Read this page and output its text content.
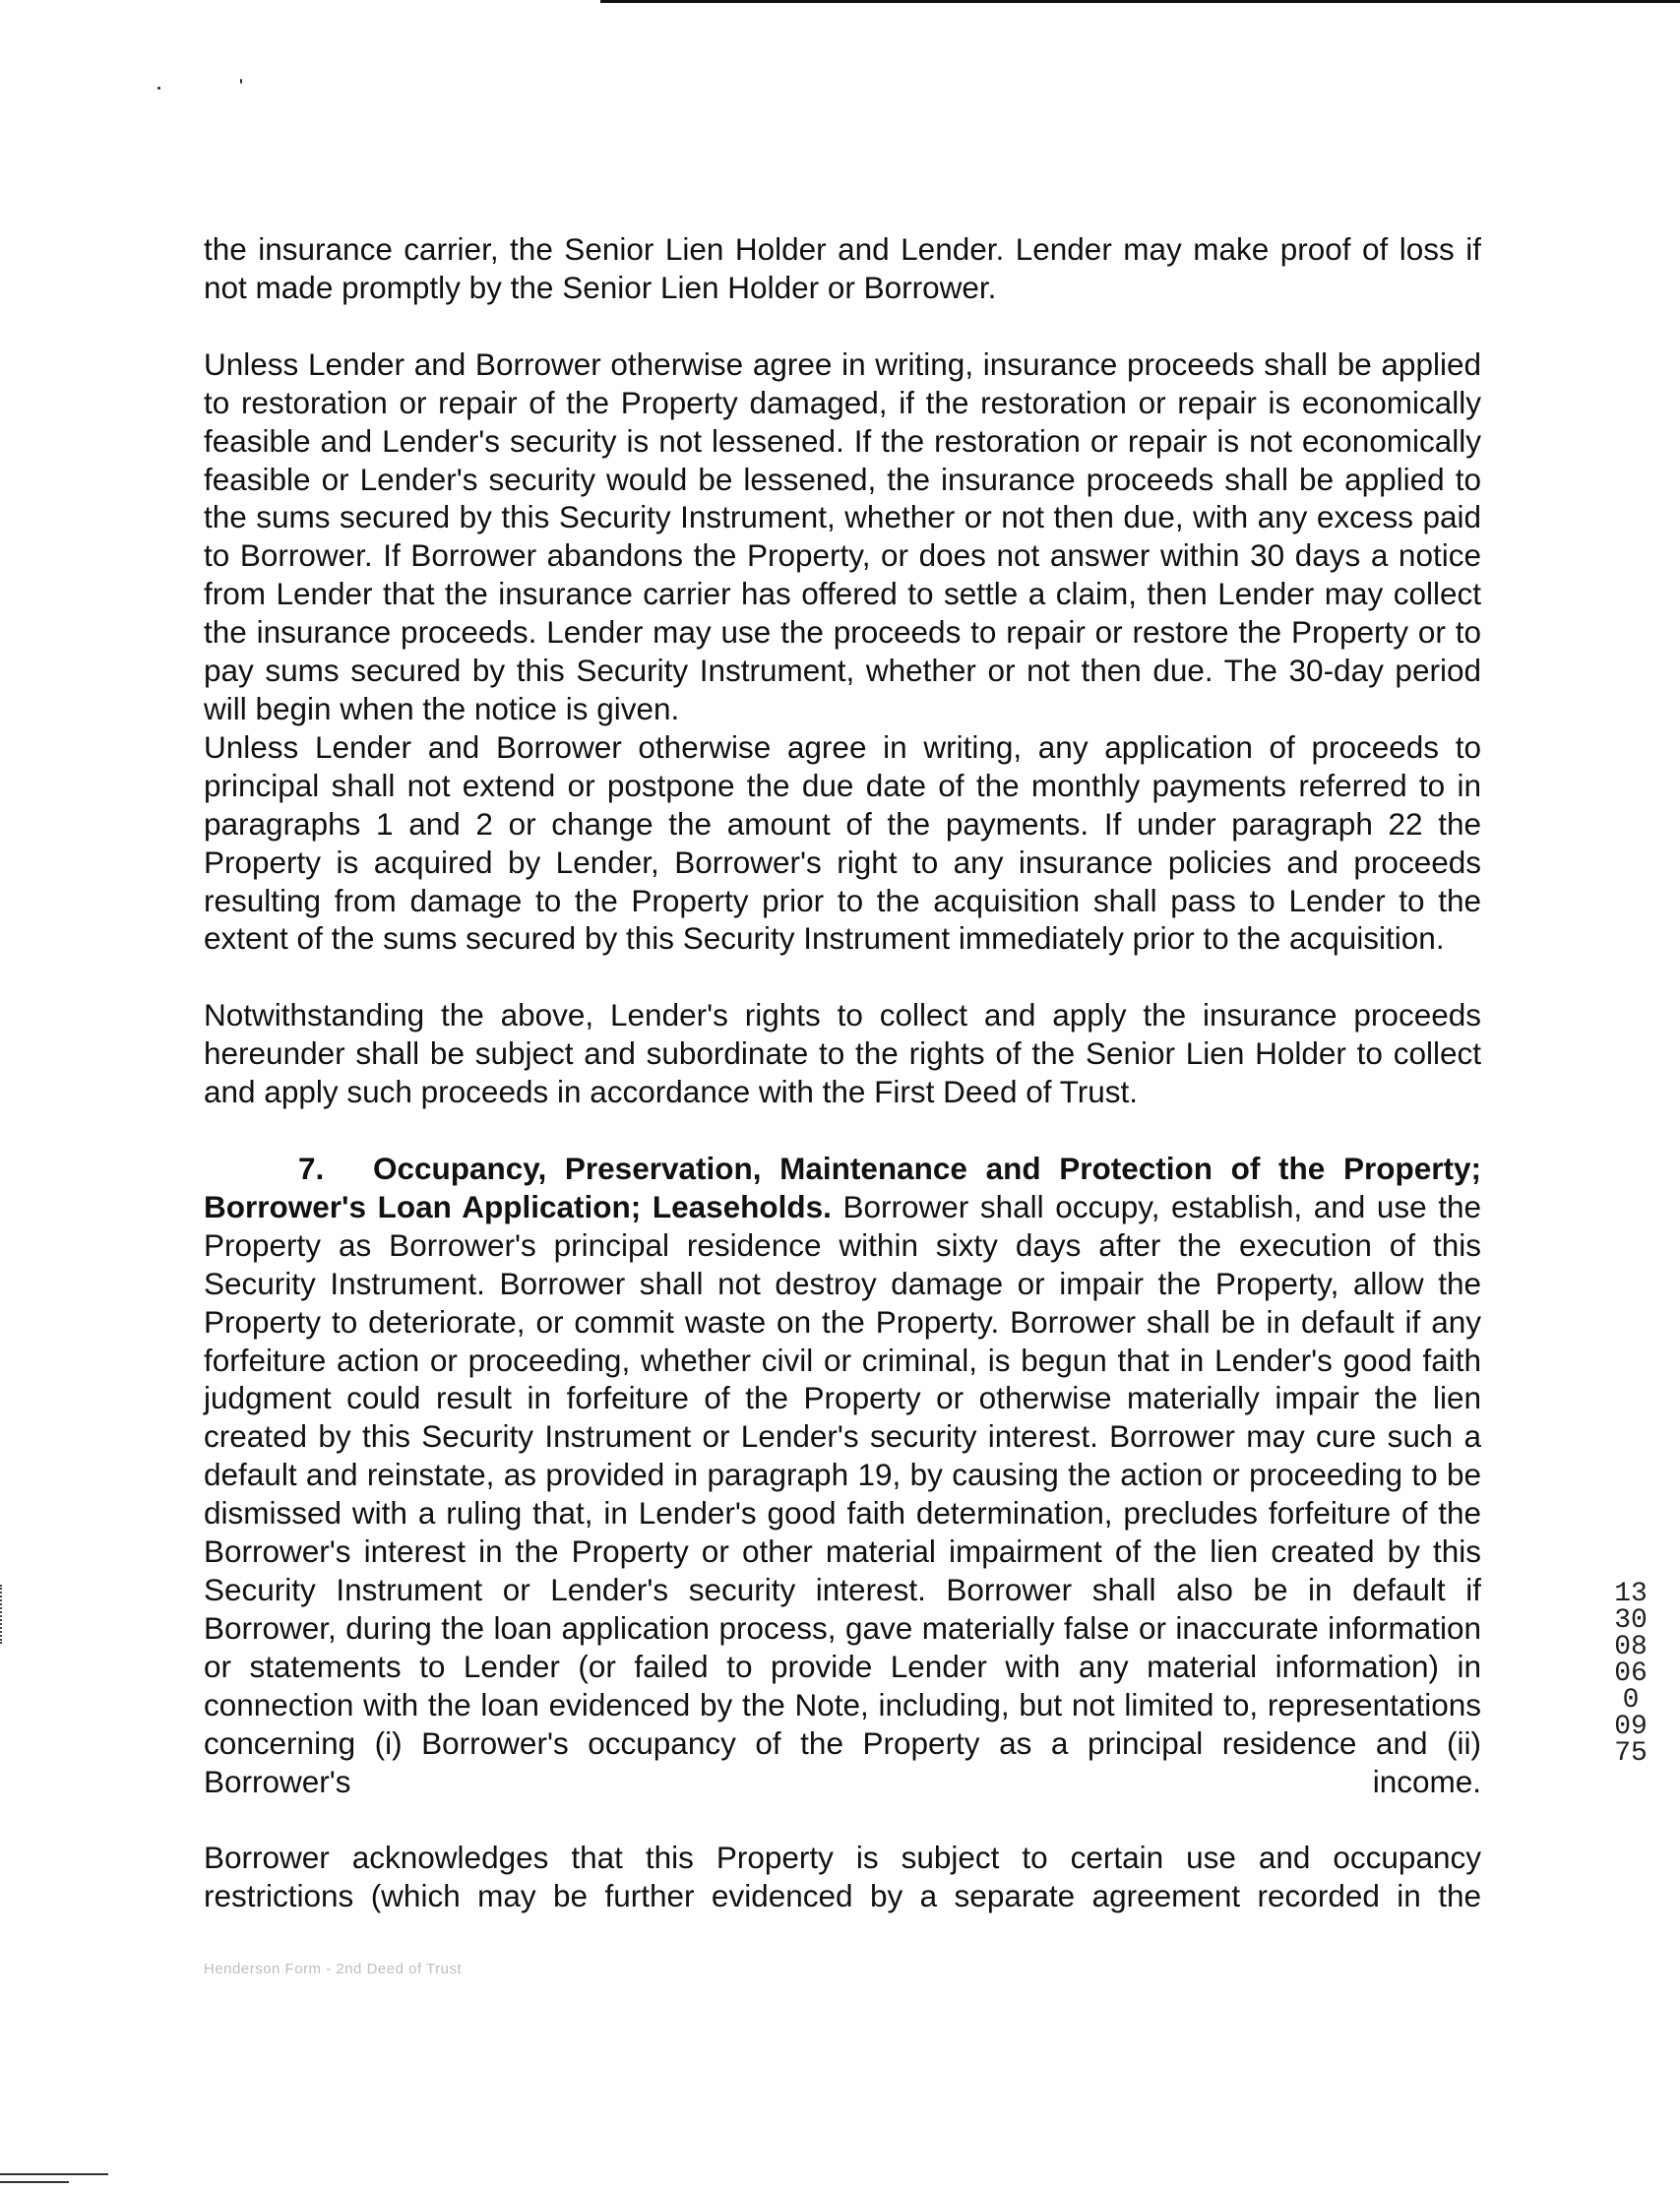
the insurance carrier, the Senior Lien Holder and Lender. Lender may make proof of loss if not made promptly by the Senior Lien Holder or Borrower.

Unless Lender and Borrower otherwise agree in writing, insurance proceeds shall be applied to restoration or repair of the Property damaged, if the restoration or repair is economically feasible and Lender's security is not lessened. If the restoration or repair is not economically feasible or Lender's security would be lessened, the insurance proceeds shall be applied to the sums secured by this Security Instrument, whether or not then due, with any excess paid to Borrower. If Borrower abandons the Property, or does not answer within 30 days a notice from Lender that the insurance carrier has offered to settle a claim, then Lender may collect the insurance proceeds. Lender may use the proceeds to repair or restore the Property or to pay sums secured by this Security Instrument, whether or not then due. The 30-day period will begin when the notice is given.

Unless Lender and Borrower otherwise agree in writing, any application of proceeds to principal shall not extend or postpone the due date of the monthly payments referred to in paragraphs 1 and 2 or change the amount of the payments. If under paragraph 22 the Property is acquired by Lender, Borrower's right to any insurance policies and proceeds resulting from damage to the Property prior to the acquisition shall pass to Lender to the extent of the sums secured by this Security Instrument immediately prior to the acquisition.

Notwithstanding the above, Lender's rights to collect and apply the insurance proceeds hereunder shall be subject and subordinate to the rights of the Senior Lien Holder to collect and apply such proceeds in accordance with the First Deed of Trust.

7. Occupancy, Preservation, Maintenance and Protection of the Property; Borrower's Loan Application; Leaseholds. Borrower shall occupy, establish, and use the Property as Borrower's principal residence within sixty days after the execution of this Security Instrument. Borrower shall not destroy damage or impair the Property, allow the Property to deteriorate, or commit waste on the Property. Borrower shall be in default if any forfeiture action or proceeding, whether civil or criminal, is begun that in Lender's good faith judgment could result in forfeiture of the Property or otherwise materially impair the lien created by this Security Instrument or Lender's security interest. Borrower may cure such a default and reinstate, as provided in paragraph 19, by causing the action or proceeding to be dismissed with a ruling that, in Lender's good faith determination, precludes forfeiture of the Borrower's interest in the Property or other material impairment of the lien created by this Security Instrument or Lender's security interest. Borrower shall also be in default if Borrower, during the loan application process, gave materially false or inaccurate information or statements to Lender (or failed to provide Lender with any material information) in connection with the loan evidenced by the Note, including, but not limited to, representations concerning (i) Borrower's occupancy of the Property as a principal residence and (ii) Borrower's income.

Borrower acknowledges that this Property is subject to certain use and occupancy restrictions (which may be further evidenced by a separate agreement recorded in the

Henderson Form - 2nd Deed of Trust
1330 08060 0975
